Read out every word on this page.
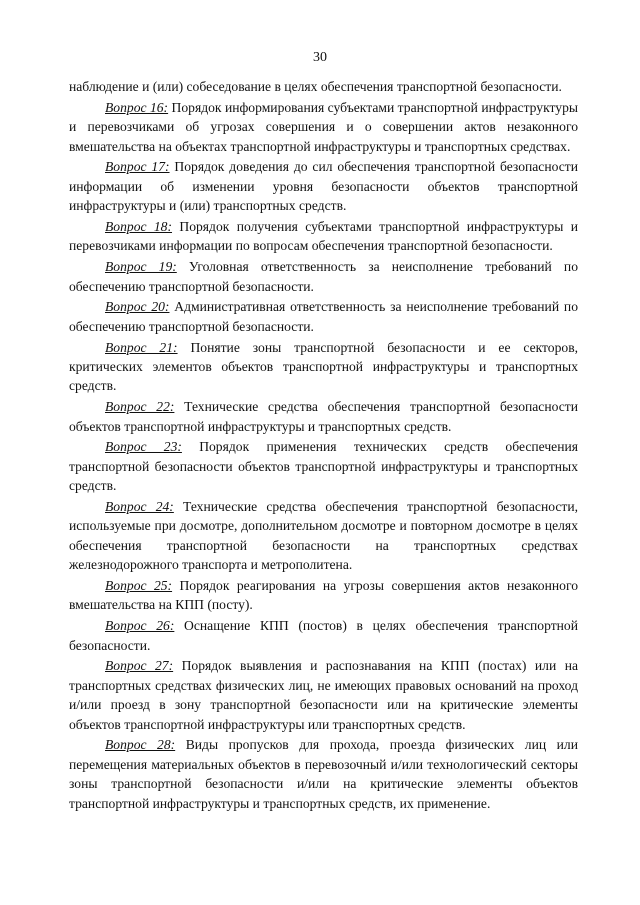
30

наблюдение и (или) собеседование в целях обеспечения транспортной безопасности.

Вопрос 16: Порядок информирования субъектами транспортной инфраструктуры и перевозчиками об угрозах совершения и о совершении актов незаконного вмешательства на объектах транспортной инфраструктуры и транспортных средствах.

Вопрос 17: Порядок доведения до сил обеспечения транспортной безопасности информации об изменении уровня безопасности объектов транспортной инфраструктуры и (или) транспортных средств.

Вопрос 18: Порядок получения субъектами транспортной инфраструктуры и перевозчиками информации по вопросам обеспечения транспортной безопасности.

Вопрос 19: Уголовная ответственность за неисполнение требований по обеспечению транспортной безопасности.

Вопрос 20: Административная ответственность за неисполнение требований по обеспечению транспортной безопасности.

Вопрос 21: Понятие зоны транспортной безопасности и ее секторов, критических элементов объектов транспортной инфраструктуры и транспортных средств.

Вопрос 22: Технические средства обеспечения транспортной безопасности объектов транспортной инфраструктуры и транспортных средств.

Вопрос 23: Порядок применения технических средств обеспечения транспортной безопасности объектов транспортной инфраструктуры и транспортных средств.

Вопрос 24: Технические средства обеспечения транспортной безопасности, используемые при досмотре, дополнительном досмотре и повторном досмотре в целях обеспечения транспортной безопасности на транспортных средствах железнодорожного транспорта и метрополитена.

Вопрос 25: Порядок реагирования на угрозы совершения актов незаконного вмешательства на КПП (посту).

Вопрос 26: Оснащение КПП (постов) в целях обеспечения транспортной безопасности.

Вопрос 27: Порядок выявления и распознавания на КПП (постах) или на транспортных средствах физических лиц, не имеющих правовых оснований на проход и/или проезд в зону транспортной безопасности или на критические элементы объектов транспортной инфраструктуры или транспортных средств.

Вопрос 28: Виды пропусков для прохода, проезда физических лиц или перемещения материальных объектов в перевозочный и/или технологический секторы зоны транспортной безопасности и/или на критические элементы объектов транспортной инфраструктуры и транспортных средств, их применение.
